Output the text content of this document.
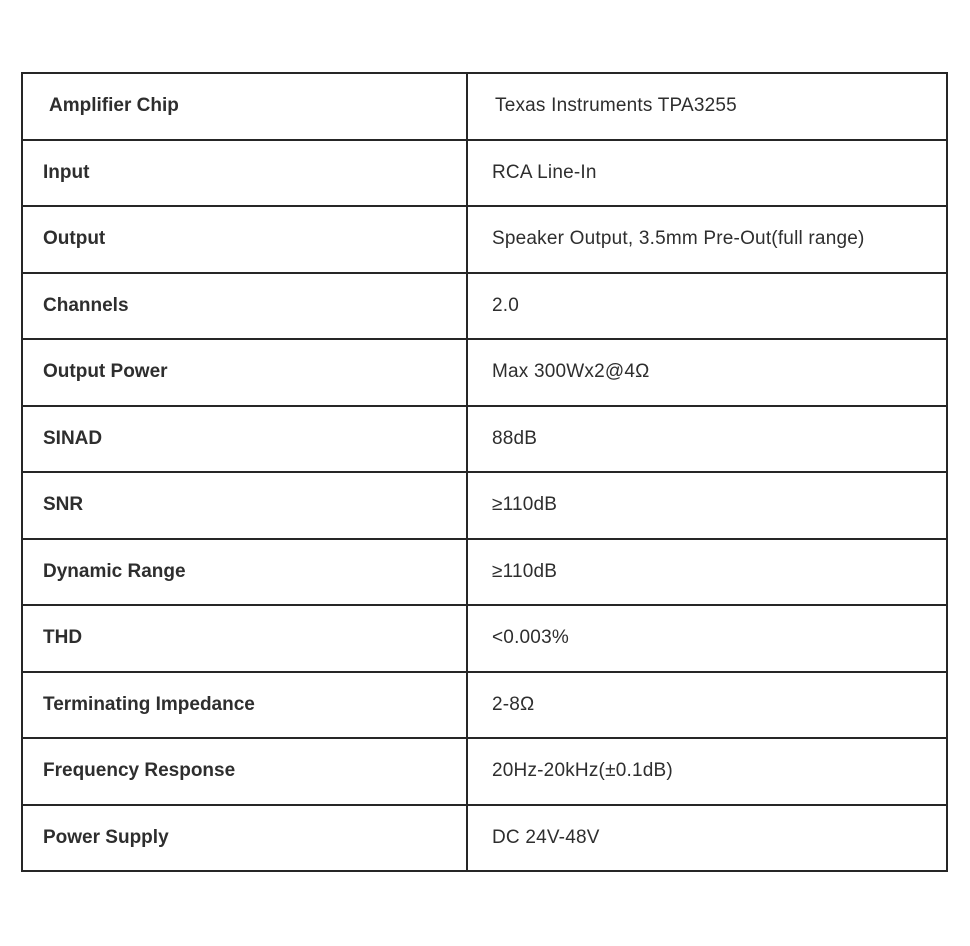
Amplifier Chip	Texas Instruments TPA3255
Input	RCA Line-In
Output	Speaker Output, 3.5mm Pre-Out(full range)
Channels	2.0
Output Power	Max 300Wx2@4Ω
SINAD	88dB
SNR	≥110dB
Dynamic Range	≥110dB
THD	<0.003%
Terminating Impedance	2-8Ω
Frequency Response	20Hz-20kHz(±0.1dB)
Power Supply	DC 24V-48V
